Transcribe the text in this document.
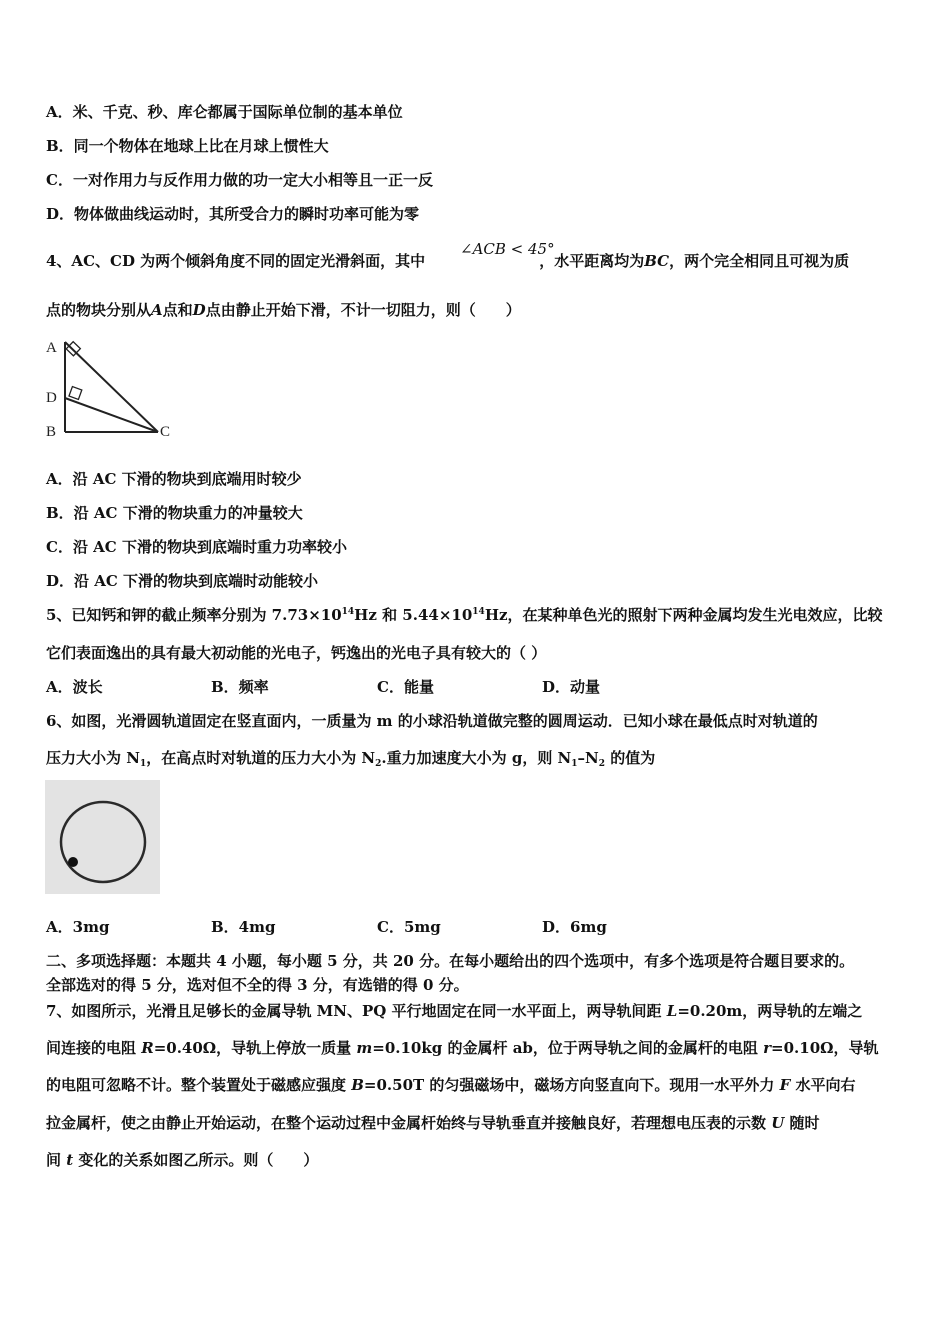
A．米、千克、秒、库仑都属于国际单位制的基本单位
B．同一个物体在地球上比在月球上惯性大
C．一对作用力与反作用力做的功一定大小相等且一正一反
D．物体做曲线运动时，其所受合力的瞬时功率可能为零
∠ACB < 45°
4、AC、CD 为两个倾斜角度不同的固定光滑斜面，其中	，水平距离均为BC，两个完全相同且可视为质
点的物块分别从A点和D点由静止开始下滑，不计一切阻力，则（　　）
A
D
B	C
A．沿 AC 下滑的物块到底端用时较少
B．沿 AC 下滑的物块重力的冲量较大
C．沿 AC 下滑的物块到底端时重力功率较小
D．沿 AC 下滑的物块到底端时动能较小
5、已知钙和钾的截止频率分别为 $7.73\times 10^{14}Hz$ 和 $5.44\times 10^{14}Hz$，在某种单色光的照射下两种金属均发生光电效应，比较
它们表面逸出的具有最大初动能的光电子，钙逸出的光电子具有较大的（ ）
A．波长	B．频率	C．能量	D．动量
6、如图，光滑圆轨道固定在竖直面内，一质量为 m 的小球沿轨道做完整的圆周运动．已知小球在最低点时对轨道的
压力大小为 $N_1$，在高点时对轨道的压力大小为 $N_2$.重力加速度大小为 g，则 $N_1-N_2$ 的值为
A．3mg	B．4mg	C．5mg	D．6mg
二、多项选择题：本题共 4 小题，每小题 5 分，共 20 分。在每小题给出的四个选项中，有多个选项是符合题目要求的。
全部选对的得 5 分，选对但不全的得 3 分，有选错的得 0 分。
7、如图所示，光滑且足够长的金属导轨 MN、PQ 平行地固定在同一水平面上，两导轨间距 L=0.20m，两导轨的左端之
间连接的电阻 R=0.40Ω，导轨上停放一质量 m=0.10kg 的金属杆 ab，位于两导轨之间的金属杆的电阻 r=0.10Ω，导轨
的电阻可忽略不计。整个装置处于磁感应强度 B=0.50T 的匀强磁场中，磁场方向竖直向下。现用一水平外力 F 水平向右
拉金属杆，使之由静止开始运动，在整个运动过程中金属杆始终与导轨垂直并接触良好，若理想电压表的示数 U 随时
间 t 变化的关系如图乙所示。则（　　）
